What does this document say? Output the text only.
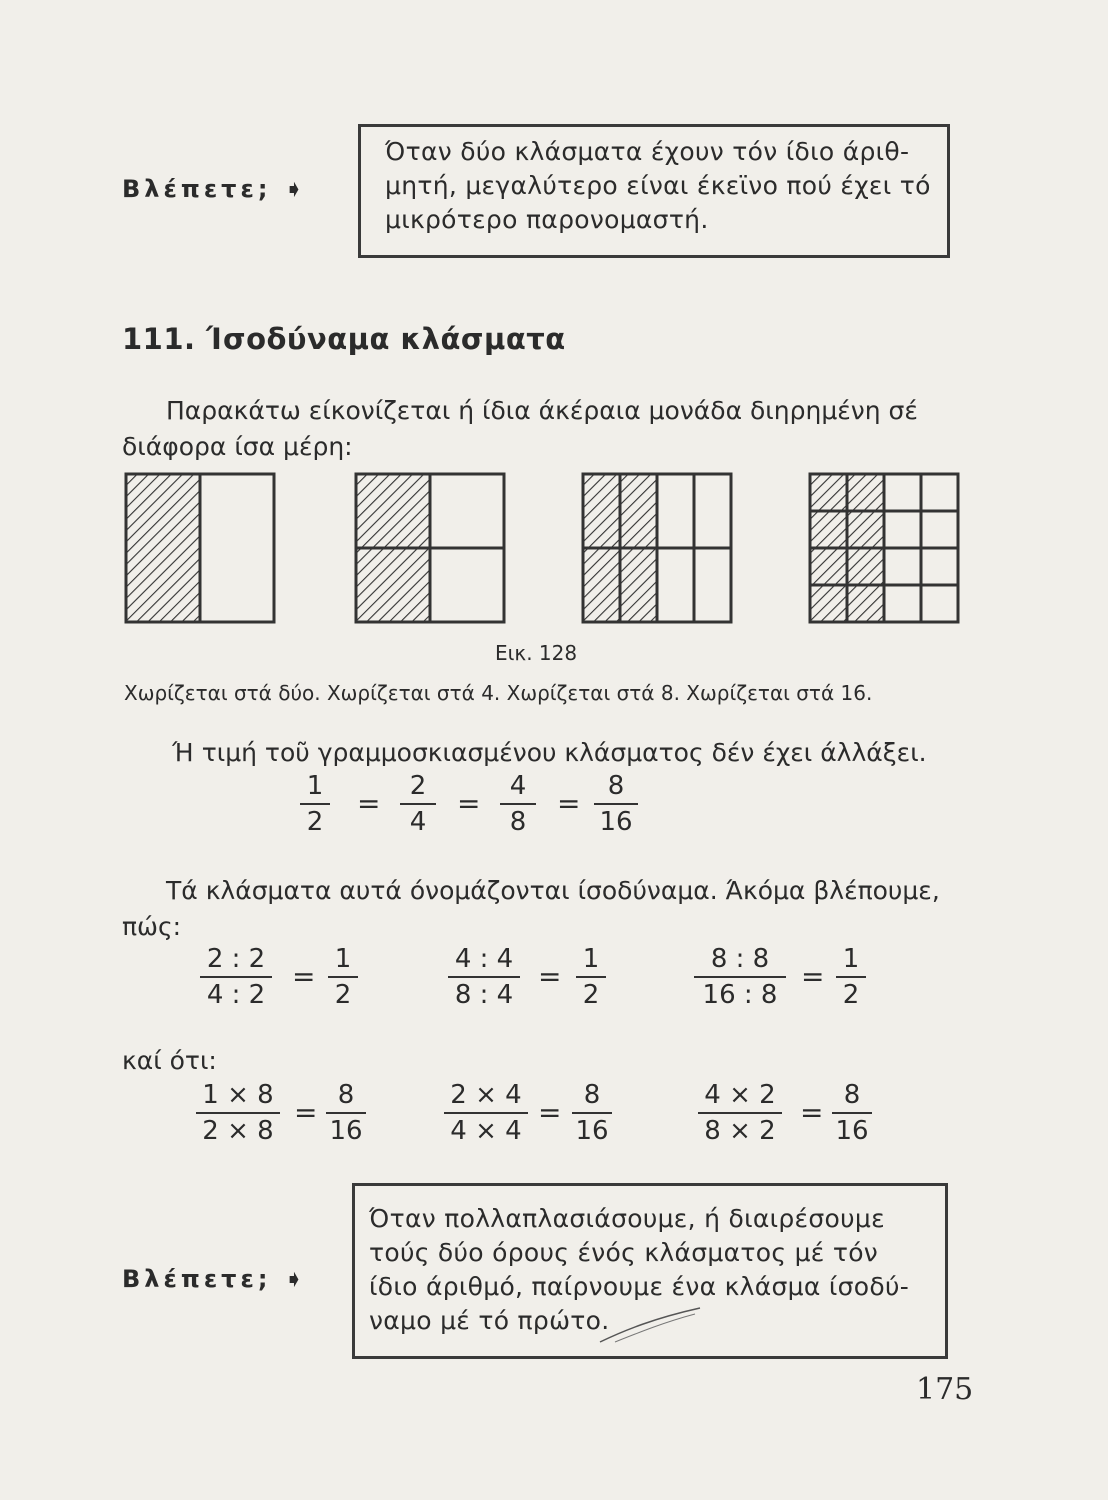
Βλέπετε; ➧
Όταν δύο κλάσματα έχουν τόν ίδιο άριθ-
μητή, μεγαλύτερο είναι έκεϊνο πού έχει τό
μικρότερο παρονομαστή.
111. Ίσοδύναμα κλάσματα
Παρακάτω είκονίζεται ή ίδια άκέραια μονάδα διηρημένη σέ
διάφορα ίσα μέρη:
Εικ. 128
Χωρίζεται στά δύο. Χωρίζεται στά 4. Χωρίζεται στά 8. Χωρίζεται στά 16.
Ή τιμή τοῦ γραμμοσκιασμένου κλάσματος δέν έχει άλλάξει.
1
2
=
2
4
=
4
8
=
8
16
Τά κλάσματα αυτά όνομάζονται ίσοδύναμα. Άκόμα βλέπουμε,
πώς:
2 : 2
4 : 2
=
1
2
4 : 4
8 : 4
=
1
2
8 : 8
16 : 8
=
1
2
καί ότι:
1 × 8
2 × 8
=
8
16
2 × 4
4 × 4
=
8
16
4 × 2
8 × 2
=
8
16
Βλέπετε; ➧
Όταν πολλαπλασιάσουμε, ή διαιρέσουμε
τούς δύο όρους ένός κλάσματος μέ τόν
ίδιο άριθμό, παίρνουμε ένα κλάσμα ίσοδύ-
ναμο μέ τό πρώτο.
175
